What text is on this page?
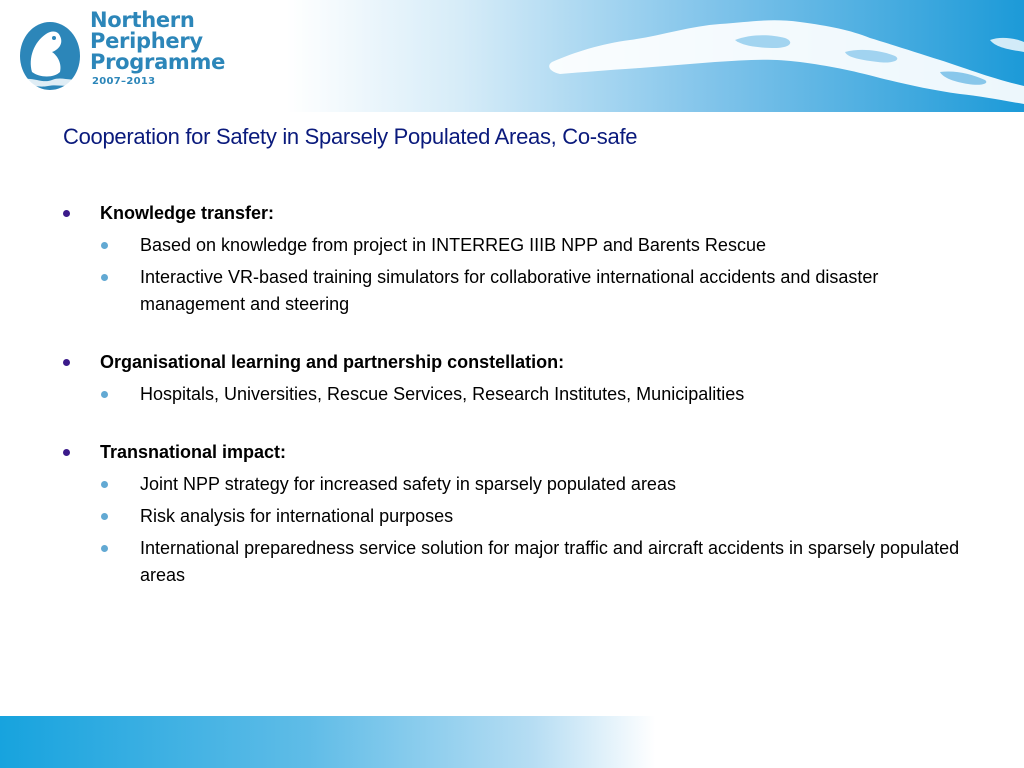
Northern
Periphery
Programme
2007–2013
Cooperation for Safety in Sparsely Populated Areas, Co-safe
Knowledge transfer:
Based on knowledge from project in INTERREG IIIB NPP and Barents Rescue
Interactive VR-based training simulators for collaborative international accidents and disaster management and steering
Organisational learning and partnership constellation:
Hospitals, Universities, Rescue Services, Research Institutes, Municipalities
Transnational impact:
Joint NPP strategy for increased safety in sparsely populated areas
Risk analysis for international purposes
International preparedness service solution for major traffic and aircraft accidents in sparsely populated areas
